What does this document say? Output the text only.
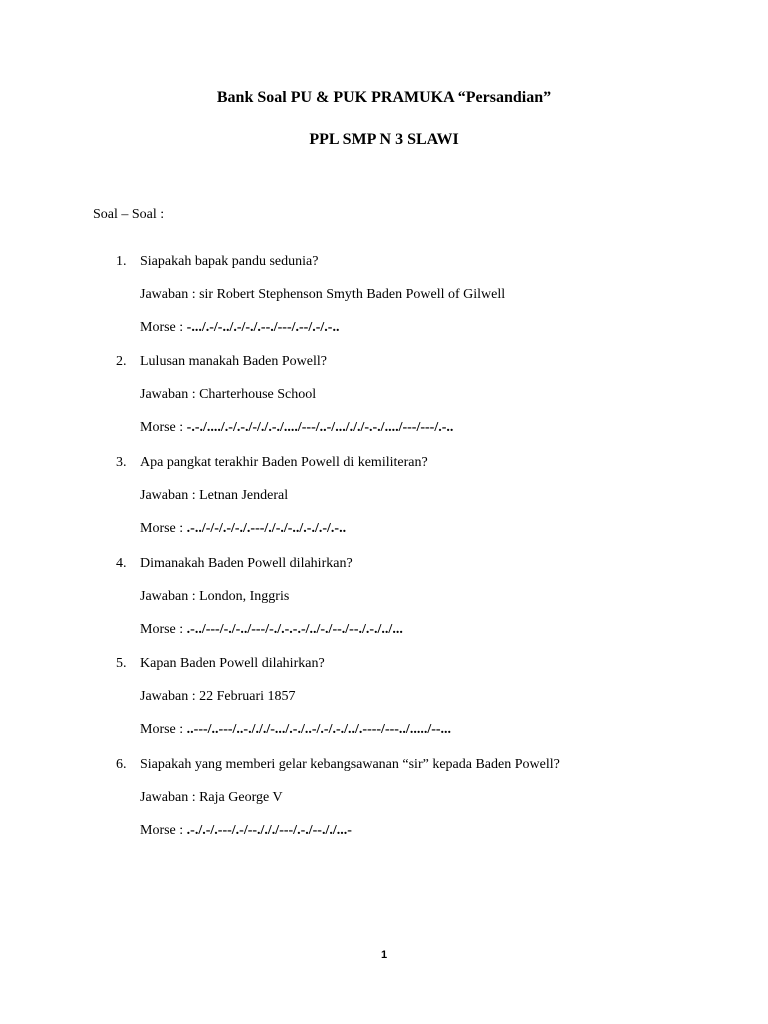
Bank Soal PU & PUK PRAMUKA “Persandian”
PPL SMP N 3 SLAWI
Soal – Soal :
1. Siapakah bapak pandu sedunia?
Jawaban : sir Robert Stephenson Smyth Baden Powell of Gilwell
Morse : -.../.-/-../.-/-./.--./---/.--/.-/.-..
2. Lulusan manakah Baden Powell?
Jawaban : Charterhouse School
Morse : -.-./..../.-/.-./-/./.-./..../---/..-/.../././-.-./..../---/---/.-..
3. Apa pangkat terakhir Baden Powell di kemiliteran?
Jawaban : Letnan Jenderal
Morse : .-../-/-/.-/-./.---/./-./-../.-./.-/.-..
4. Dimanakah Baden Powell dilahirkan?
Jawaban : London, Inggris
Morse : .-../---/-./-../---/-./.-.-.-/../-./--./--./.-./../...
5. Kapan Baden Powell dilahirkan?
Jawaban : 22 Februari 1857
Morse : ..---/..---/..-./././-.../.-./..-/.-/.-./../.----/---../...../--...
6. Siapakah yang memberi gelar kebangsawanan “sir” kepada Baden Powell?
Jawaban : Raja George V
Morse : .-./.-/.---/.-/--./././---/.-./--././...-
1
